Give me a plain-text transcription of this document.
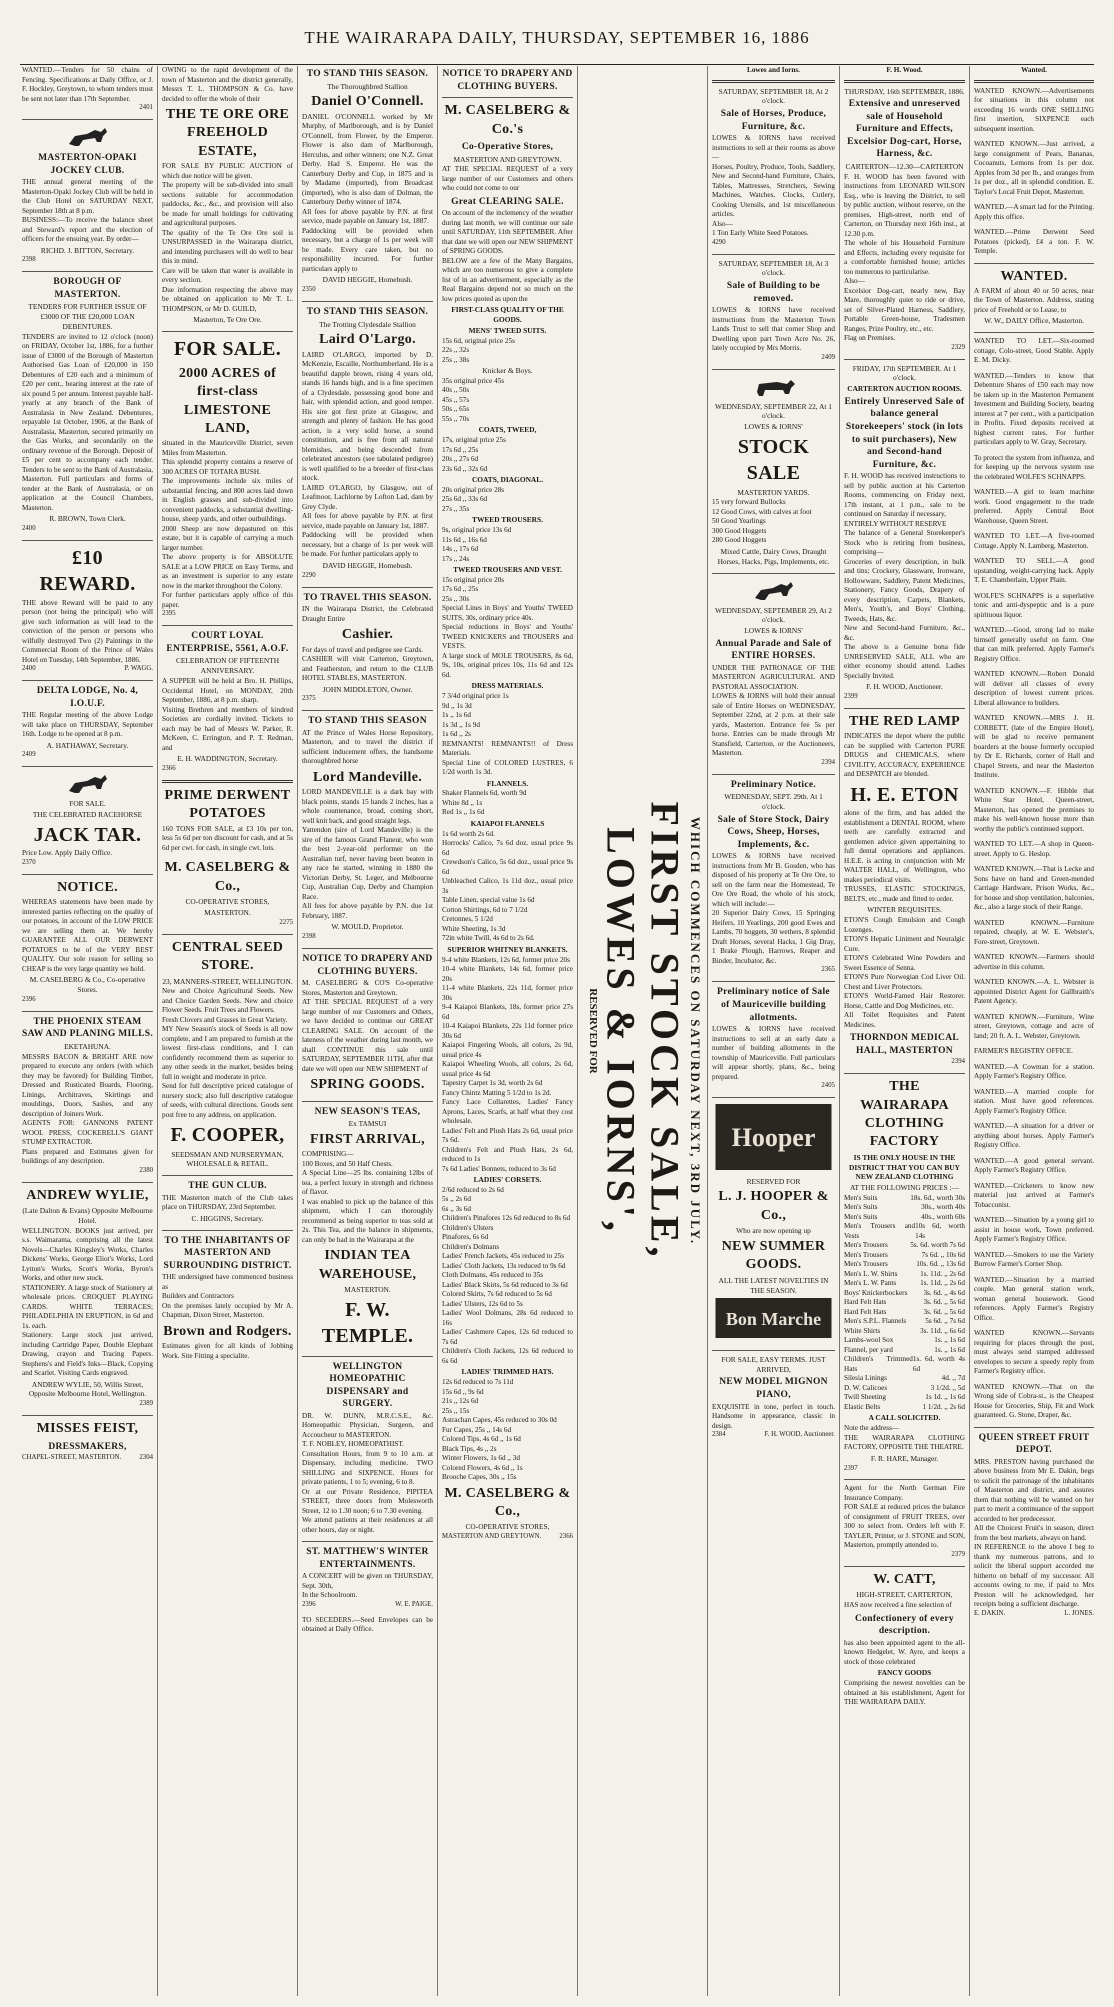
THE WAIRARAPA DAILY, THURSDAY, SEPTEMBER 16, 1886
WANTED.—Tenders for 50 chains of Fencing. Specifications at Daily Office, or J. F. Hockley, Greytown, to whom tenders must be sent not later than 17th September.
2401
MASTERTON-OPAKI JOCKEY CLUB.
THE annual general meeting of the Masterton-Opaki Jockey Club will be held in the Club Hotel on SATURDAY NEXT, September 18th at 8 p.m.
BUSINESS:—To receive the balance sheet and Steward's report and the election of officers for the ensuing year. By order—
RICHD. J. BITTON, Secretary.
2398
BOROUGH OF MASTERTON.
TENDERS FOR FURTHER ISSUE OF £3000 OF THE £20,000 LOAN DEBENTURES.
TENDERS are invited to 12 o'clock (noon) on FRIDAY, October 1st, 1886, for a further issue of £3000 of the Borough of Masterton Authorised Gas Loan of £20,000 in 150 Debentures of £20 each and a minimum of £20 per cent., bearing interest at the rate of six pound 5 per annum. Interest payable half-yearly at any branch of the Bank of Australasia in New Zealand. Debentures, repayable 1st October, 1906, at the Bank of Australasia, Masterton, secured primarily on the Gas Works, and secondarily on the ordinary revenue of the Borough. Deposit of £5 per cent to accompany each tender. Tenders to be sent to the Bank of Australasia, Masterton. Full particulars and forms of tender at the Bank of Australasia, or on application at the Council Chambers, Masterton.
R. BROWN, Town Clerk.
2400
£10 REWARD.
THE above Reward will be paid to any person (not being the principal) who will give such information as will lead to the conviction of the person or persons who wilfully destroyed Two (2) Paintings in the Commercial Room of the Prince of Wales Hotel on Tuesday, 14th September, 1886.
2400	P. WAGG.
DELTA LODGE, No. 4, I.O.U.F.
THE Regular meeting of the above Lodge will take place on THURSDAY, September 16th. Lodge to be opened at 8 p.m.
A. HATHAWAY, Secretary.
2409
FOR SALE.
THE CELEBRATED RACEHORSE
JACK TAR.
Price Low. Apply Daily Office.
2370
NOTICE.
WHEREAS statements have been made by interested parties reflecting on the quality of our potatoes, in account of the LOW PRICE we are selling them at. We hereby GUARANTEE ALL OUR DERWENT POTATOES to be of the VERY BEST QUALITY. Our sole reason for selling so CHEAP is the very large quantity we hold.
M. CASELBERG & Co., Co-operative Stores.
2396
THE PHOENIX STEAM SAW AND PLANING MILLS.
EKETAHUNA.
MESSRS BACON & BRIGHT ARE now prepared to execute any orders (with which they may be favored) for Building Timber, Dressed and Rusticated Boards, Flooring, Linings, Architraves, Skirtings and mouldings, Doors, Sashes, and any description of Joiners Work.
AGENTS FOR: GANNONS PATENT WOOL PRESS, COCKERELL'S GIANT STUMP EXTRACTOR.
Plans prepared and Estimates given for buildings of any description.
2380
ANDREW WYLIE,
(Late Dalton & Evans) Opposite Melbourne Hotel.
WELLINGTON. BOOKS just arrived, per s.s. Waimarama, comprising all the latest Novels—Charles Kingsley's Works, Charles Dickens' Works, George Eliot's Works, Lord Lytton's Works, Scott's Works, Byron's Works, and other new stock.
STATIONERY. A large stock of Stationery at wholesale prices. CROQUET PLAYING CARDS. WHITE TERRACES; PHILADELPHIA IN ERUPTION, in 6d and 1s. each.
Stationery. Large stock just arrived, including Cartridge Paper, Double Elephant Drawing, crayon and Tracing Papers. Stephens's and Field's Inks—Black, Copying and Scarlet. Visiting Cards engraved.
ANDREW WYLIE, 50, Willis Street, Opposite Melbourne Hotel, Wellington.
2389
MISSES FEIST,
DRESSMAKERS,
CHAPEL-STREET, MASTERTON.	2304
OWING to the rapid development of the town of Masterton and the district generally, Messrs T. L. THOMPSON & Co. have decided to offer the whole of their
THE TE ORE ORE FREEHOLD ESTATE,
FOR SALE BY PUBLIC AUCTION of which due notice will be given.
The property will be sub-divided into small sections suitable for accommodation paddocks, &c., &c., and provision will also be made for small holdings for cultivating and agricultural purposes.
The quality of the Te Ore Ore soil is UNSURPASSED in the Wairarapa district, and intending purchasers will do well to bear this in mind.
Care will be taken that water is available in every section.
Due information respecting the above may be obtained on application to Mr T. L. THOMPSON, or Mr D. GUILD,
Masterton, Te Ore Ore.
FOR SALE.
2000 ACRES of first-class LIMESTONE LAND,
situated in the Mauriceville District, seven Miles from Masterton.
This splendid property contains a reserve of 300 ACRES OF TOTARA BUSH.
The improvements include six miles of substantial fencing, and 800 acres laid down in English grasses and sub-divided into convenient paddocks, a substantial dwelling-house, sheep yards, and other outbuildings.
2000 Sheep are now depastured on this estate, but it is capable of carrying a much larger number.
The above property is for ABSOLUTE SALE at a LOW PRICE on Easy Terms, and as an investment is superior to any estate now in the market throughout the Colony.
For further particulars apply office of this paper.
2395
COURT LOYAL ENTERPRISE, 5561, A.O.F.
CELEBRATION OF FIFTEENTH ANNIVERSARY.
A SUPPER will be held at Bro. H. Phillips, Occidental Hotel, on MONDAY, 20th September, 1886, at 8 p.m. sharp.
Visiting Brethren and members of kindred Societies are cordially invited. Tickets to each may be had of Messrs W. Parker, R. McKeen, C. Errington, and P. T. Redman, and
E. H. WADDINGTON, Secretary.
2366
PRIME DERWENT POTATOES
160 TONS FOR SALE, at £3 10s per ton, less 5s 6d per ton discount for cash, and at 5s 6d per cwt. for cash, in single cwt. lots.
M. CASELBERG & Co.,
CO-OPERATIVE STORES,
MASTERTON.
2275
CENTRAL SEED STORE.
23, MANNERS-STREET, WELLINGTON.
New and Choice Agricultural Seeds. New and Choice Garden Seeds. New and choice Flower Seeds. Fruit Trees and Flowers.
Fresh Clovers and Grasses in Great Variety.
MY New Season's stock of Seeds is all now complete, and I am prepared to furnish at the lowest first-class conditions, and I can confidently recommend them as superior to any other seeds in the market, besides being full in weight and moderate in price.
Send for full descriptive priced catalogue of nursery stock; also full descriptive catalogue of seeds, with cultural directions. Goods sent post free to any address, on application.
F. COOPER,
SEEDSMAN AND NURSERYMAN, WHOLESALE & RETAIL.
THE GUN CLUB.
THE Masterton match of the Club takes place on THURSDAY, 23rd September.
C. HIGGINS, Secretary.
TO THE INHABITANTS OF MASTERTON AND SURROUNDING DISTRICT.
THE undersigned have commenced business as
Builders and Contractors
On the premises lately occupied by Mr A. Chapman, Dixon Street, Masterton.
Brown and Rodgers.
Estimates given for all kinds of Jobbing Work. Site Fitting a specialite.
TO STAND THIS SEASON.
The Thoroughbred Stallion
Daniel O'Connell.
DANIEL O'CONNELL worked by Mr Murphy, of Marlborough, and is by Daniel O'Connell, from Flower, by the Emperor. Flower is also dam of Marlborough, Herculus, and other winners; one N.Z. Great Derby. Had S. Emperor. He was the Canterbury Derby and Cup, in 1875 and is by Madame (imported), from Broadcast (imported), who is also dam of Dolman, the Canterbury Derby winner of 1874.
All fees for above payable by P.N. at first service, made payable on January 1st, 1887.
Paddocking will be provided when necessary, but a charge of 1s per week will be made. Every care taken, but no responsibility incurred. For further particulars apply to
DAVID HEGGIE, Homebush.
2350
TO STAND THIS SEASON.
The Trotting Clydesdale Stallion
Laird O'Largo.
LAIRD O'LARGO, imported by D. McKenzie, Escaille, Northumberland. He is a beautiful dapple brown, rising 4 years old, stands 16 hands high, and is a fine specimen of a Clydesdale, possessing good bone and hair, with splendid action, and good temper. His sire got first prize at Glasgow, and strength and plenty of fashion. He has good action, is a very solid horse, a sound constitution, and is free from all natural blemishes, and being descended from celebrated ancestors (see tabulated pedigree) is well qualified to be a breeder of first-class stock.
LAIRD O'LARGO, by Glasgow, out of Leafmoor, Lachlorne by Lofton Lad, dam by Grey Clyde.
All fees for above payable by P.N. at first service, made payable on January 1st, 1887.
Paddocking will be provided when necessary, but a charge of 1s per week will be made. For further particulars apply to
DAVID HEGGIE, Homebush.
2290
TO TRAVEL THIS SEASON.
IN the Wairarapa District, the Celebrated Draught Entire
Cashier.
For days of travel and pedigree see Cards.
CASHIER will visit Carterton, Greytown, and Featherston, and return to the CLUB HOTEL STABLES, MASTERTON.
JOHN MIDDLETON, Owner.
2375
TO STAND THIS SEASON
AT the Prince of Wales Horse Repository, Masterton, and to travel the district if sufficient inducement offers, the handsome thoroughbred horse
Lord Mandeville.
LORD MANDEVILLE is a dark bay with black points, stands 15 hands 2 inches, has a whole countenance, broad, coming short, well knit back, and good straight legs.
Yattendon (sire of Lord Mandeville) is the sire of the famous Grand Flaneur, who won the best 2-year-old performer on the Australian turf, never having been beaten in any race he started, winning in 1880 the Victorian Derby, St. Leger, and Melbourne Cup, Australian Cup, Derby and Champion Race.
All fees for above payable by P.N. due 1st February, 1887.
W. MOULD, Proprietor.
2398
NOTICE TO DRAPERY AND CLOTHING BUYERS.
M. CASELBERG & CO'S Co-operative Stores, Masterton and Greytown.
AT THE SPECIAL REQUEST of a very large number of our Customers and Others, we have decided to continue our GREAT CLEARING SALE. On account of the lateness of the weather during last month, we shall CONTINUE this sale until SATURDAY, SEPTEMBER 11TH, after that date we will open our NEW SHIPMENT of
SPRING GOODS.
NEW SEASON'S TEAS,
Ex TAMSUI
FIRST ARRIVAL,
COMPRISING—
100 Boxes, and 50 Half Chests.
A Special Line—25 lbs. containing 12lbs of tea, a perfect luxury in strength and richness of flavor.
I was enabled to pick up the balance of this shipment, which I can thoroughly recommend as being superior to teas sold at 2s. This Tea, and the balance in shipments, can only be had in the Wairarapa at the
INDIAN TEA WAREHOUSE,
MASTERTON.
F. W. TEMPLE.
WELLINGTON HOMEOPATHIC DISPENSARY and SURGERY.
DR. W. DUNN, M.R.C.S.E., &c. Homeopathic Physician, Surgeon, and Accoucheur to MASTERTON.
T. F. NOBLEY, HOMEOPATHIST.
Consultation Hours, from 9 to 10 a.m. at Dispensary, including medicine. TWO SHILLING and SIXPENCE. Hours for private patients, 1 to 5; evening, 6 to 8.
Or at our Private Residence, PIPITEA STREET, three doors from Molesworth Street, 12 to 1.30 noon; 6 to 7.30 evening.
We attend patients at their residences at all other hours, day or night.
ST. MATTHEW'S WINTER ENTERTAINMENTS.
A CONCERT will be given on THURSDAY, Sept. 30th,
In the Schoolroom.
2396	W. E. PAIGE.
TO SECEDERS.—Seed Envelopes can be obtained at Daily Office.
NOTICE TO DRAPERY AND CLOTHING BUYERS.
M. CASELBERG & Co.'s
Co-Operative Stores,
MASTERTON AND GREYTOWN.
AT THE SPECIAL REQUEST of a very large number of our Customers and others who could not come to our
Great CLEARING SALE.
On account of the inclemency of the weather during last month, we will continue our sale until SATURDAY, 11th SEPTEMBER. After that date we will open our NEW SHIPMENT of SPRING GOODS.
BELOW are a few of the Many Bargains, which are too numerous to give a complete list of in an advertisement, especially as the Real Bargains depend not so much on the low prices quoted as upon the
FIRST-CLASS QUALITY OF THE GOODS.
MENS' TWEED SUITS.
15s 6d, original price 25s
22s ,, 32s
25s ,, 38s
Knicker & Boys.
35s original price 45s
40s ,, 50s
45s ,, 57s
50s ,, 65s
55s ,, 70s
COATS, TWEED,
17s, original price 25s
17s 6d ,, 25s
20s ,, 27s 6d
23s 6d ,, 32s 6d
COATS, DIAGONAL.
20s original price 28s
25s 6d ,, 33s 6d
27s ,, 35s
TWEED TROUSERS.
9s, original price 13s 6d
11s 6d ,, 16s 6d
14s ,, 17s 6d
17s ,, 24s
TWEED TROUSERS AND VEST.
15s original price 20s
17s 6d ,, 25s
25s ,, 30s
Special Lines in Boys' and Youths' TWEED SUITS, 30s, ordinary price 40s.
Special reductions in Boys' and Youths' TWEED KNICKERS and TROUSERS and VESTS.
A large stock of MOLE TROUSERS, 8s 6d, 9s, 10s, original prices 10s, 11s 6d and 12s 6d.
DRESS MATERIALS.
7 3/4d original price 1s
9d ,, 1s 3d
1s ,, 1s 6d
1s 3d ,, 1s 9d
1s 6d ,, 2s
REMNANTS! REMNANTS!! of Dress Materials.
Special Line of COLORED LUSTRES, 6 1/2d worth 1s 3d.
FLANNELS.
Shaker Flannels 6d, worth 9d
White 8d ,, 1s
Red 1s ,, 1s 6d
KAIAPOI FLANNELS
1s 6d worth 2s 6d.
Horrocks' Calico, 7s 6d doz. usual price 9s 6d
Crewdson's Calico, 5s 6d doz., usual price 9s 6d
Unbleached Calico, 1s 11d doz., usual price 3s
Table Linen, special value 1s 6d
Cotton Shirtings, 6d to 7 1/2d
Cretonnes, 5 1/2d
White Sheeting, 1s 3d
72in white Twill, 4s 6d to 2s 6d.
SUPERIOR WHITNEY BLANKETS.
9-4 white Blankets, 12s 6d, former price 20s
10-4 white Blankets, 14s 6d, former price 20s
11-4 white Blankets, 22s 11d, former price 30s
9-4 Kaiapoi Blankets, 18s, former price 27s 6d
10-4 Kaiapoi Blankets, 22s 11d former price 30s 6d
Kaiapoi Fingering Wools, all colors, 2s 9d, usual price 4s
Kaiapoi Wheeling Wools, all colors, 2s 6d, usual price 4s 6d
Tapestry Carpet 1s 3d, worth 2s 6d
Fancy Chintz Matting 5 1/2d to 1s 2d.
Fancy Lace Collarettes, Ladies' Fancy Aprons, Laces, Scarfs, at half what they cost wholesale.
Ladies' Felt and Plush Hats 2s 6d, usual price 7s 6d.
Children's Felt and Plush Hats, 2s 6d, reduced to 1s
7s 6d Ladies' Bonnets, reduced to 3s 6d
LADIES' CORSETS.
2/6d reduced to 2s 6d
5s ,, 2s 6d
6s ,, 3s 6d
Children's Pinafores 12s 6d reduced to 8s 6d
Children's Ulsters
Pinafores, 6s 6d
Children's Dolmans
Ladies' French Jackets, 45s reduced to 25s
Ladies' Cloth Jackets, 13s reduced to 9s 6d
Cloth Dolmans, 45s reduced to 35s
Ladies' Black Skirts, 5s 6d reduced to 3s 6d
Colored Skirts, 7s 6d reduced to 5s 6d
Ladies' Ulsters, 12s 6d to 5s
Ladies' Wool Dolmans, 28s 6d reduced to 16s
Ladies' Cashmere Capes, 12s 6d reduced to 7s 6d
Children's Cloth Jackets, 12s 6d reduced to 6s 6d
LADIES' TRIMMED HATS.
12s 6d reduced to 7s 11d
15s 6d ,, 9s 6d
21s ,, 12s 6d
25s ,, 15s
Astrachan Capes, 45s reduced to 30s 0d
Fur Capes, 25s ,, 14s 6d
Colored Tips, 4s 6d ,, 1s 6d
Black Tips, 4s ,, 2s
Winter Flowers, 1s 6d ,, 3d
Colored Flowers, 4s 6d ,, 1s
Brooche Capes, 30s ,, 15s
M. CASELBERG & Co.,
CO-OPERATIVE STORES,
MASTERTON AND GREYTOWN.	2366
RESERVED FOR LOWES & IORNS', FIRST STOCK SALE, WHICH COMMENCES ON SATURDAY NEXT, 3RD JULY.
Lowes and Iorns.
SATURDAY, SEPTEMBER 18, At 2 o'clock.
Sale of Horses, Produce, Furniture, &c.
LOWES & IORNS have received instructions to sell at their rooms as above—
Horses, Poultry, Produce, Tools, Saddlery, New and Second-hand Furniture, Chairs, Tables, Mattresses, Stretchers, Sewing Machines, Watches, Clocks, Cutlery, Cooking Utensils, and 1st miscellaneous articles.
Also—
1 Ton Early White Seed Potatoes.
4290
SATURDAY, SEPTEMBER 18, At 3 o'clock.
Sale of Building to be removed.
LOWES & IORNS have received instructions from the Masterton Town Lands Trust to sell that corner Shop and Dwelling upon part Town Acre No. 26, lately occupied by Mrs Morris.
2409
WEDNESDAY, SEPTEMBER 22, At 1 o'clock.
LOWES & IORNS'
STOCK SALE
MASTERTON YARDS.
15 very forward Bullocks
12 Good Cows, with calves at foot
50 Good Yearlings
300 Good Hoggets
280 Good Hoggets
Mixed Cattle, Dairy Cows, Draught Horses, Hacks, Pigs, Implements, etc.
WEDNESDAY, SEPTEMBER 29, At 2 o'clock.
LOWES & IORNS'
Annual Parade and Sale of ENTIRE HORSES.
UNDER THE PATRONAGE OF THE MASTERTON AGRICULTURAL AND PASTORAL ASSOCIATION.
LOWES & IORNS will hold their annual sale of Entire Horses on WEDNESDAY, September 22nd, at 2 p.m. at their sale yards, Masterton. Entrance fee 5s per horse. Entries can be made through Mr Stansfield, Carterton, or the Auctioneers, Masterton.
2394
Preliminary Notice.
WEDNESDAY, SEPT. 29th. At 1 o'clock.
Sale of Store Stock, Dairy Cows, Sheep, Horses, Implements, &c.
LOWES & IORNS have received instructions from Mr B. Gosden, who has disposed of his property at Te Ore Ore, to sell on the farm near the Homestead, Te Ore Ore Road, the whole of his stock, which will include:—
20 Superior Dairy Cows, 15 Springing Heifers, 10 Yearlings, 200 good Ewes and Lambs, 70 hoggets, 30 wethers, 8 splendid Draft Horses, several Hacks, 1 Gig Dray, 1 Brake Plough, Harrows, Reaper and Binder, Incubator, &c.
2365
Preliminary notice of Sale of Mauriceville building allotments.
LOWES & IORNS have received instructions to sell at an early date a number of building allotments in the township of Mauriceville. Full particulars will appear shortly, plans, &c., being prepared.
2405
Hooper
RESERVED FOR
L. J. HOOPER & Co.,
Who are now opening up
NEW SUMMER GOODS.
ALL THE LATEST NOVELTIES IN THE SEASON.
Bon Marche
FOR SALE, EASY TERMS. JUST ARRIVED,
NEW MODEL MIGNON PIANO,
EXQUISITE in tone, perfect in touch. Handsome in appearance, classic in design.
2384	F. H. WOOD, Auctioneer.
F. H. Wood.
THURSDAY, 16th SEPTEMBER, 1886.
Extensive and unreserved sale of Household Furniture and Effects, Excelsior Dog-cart, Horse, Harness, &c.
CARTERTON—12.30—CARTERTON
F. H. WOOD has been favored with instructions from LEONARD WILSON Esq., who is leaving the District, to sell by public auction, without reserve, on the premises, High-street, north end of Carterton, on Thursday next 16th inst., at 12.30 p.m.
The whole of his Household Furniture and Effects, including every requisite for a comfortable furnished house; articles too numerous to particularise.
Also—
Excelsior Dog-cart, nearly new, Bay Mare, thoroughly quiet to ride or drive, set of Silver-Plated Harness, Saddlery, Portable Green-house, Tradesmen Ranges, Prize Poultry, etc., etc.
Flag on Premises.
2329
FRIDAY, 17th SEPTEMBER. At 1 o'clock.
CARTERTON AUCTION ROOMS.
Entirely Unreserved Sale of balance general Storekeepers' stock (in lots to suit purchasers), New and Second-hand Furniture, &c.
F. H. WOOD has received instructions to sell by public auction at his Carterton Rooms, commencing on Friday next, 17th instant, at 1 p.m., sale to be continued on Saturday if necessary,
ENTIRELY WITHOUT RESERVE
The balance of a General Storekeeper's Stock who is retiring from business, comprising—
Groceries of every description, in bulk and tins; Crockery, Glassware, Ironware, Hollowware, Saddlery, Patent Medicines, Stationery, Fancy Goods, Drapery of every description, Carpets, Blankets, Men's, Youth's, and Boys' Clothing, Tweeds, Hats, &c.
New and Second-hand Furniture, &c., &c.
The above is a Genuine bona fide UNRESERVED SALE, ALL who are either economy should attend. Ladies Specially Invited.
F. H. WOOD, Auctioneer.
2399
THE RED LAMP
INDICATES the depot where the public can be supplied with Carterton PURE DRUGS and CHEMICALS, where CIVILITY, ACCURACY, EXPERIENCE and DESPATCH are blended.
H. E. ETON
alone of the firm, and has added the establishment a DENTAL ROOM, where teeth are carefully extracted and gentlemen advice given appertaining to full dental operations and appliances. H.E.E. is acting in conjunction with Mr WALTER HALL, of Wellington, who makes periodical visits.
TRUSSES, ELASTIC STOCKINGS, BELTS, etc., made and fitted to order.
WINTER REQUISITES.
ETON'S Cough Emulsion and Cough Lozenges.
ETON'S Hepatic Liniment and Neuralgic Cure.
ETON'S Celebrated Wine Powders and Sweet Essence of Senna.
ETON'S Pure Norwegian Cod Liver Oil. Chest and Liver Protectors.
ETON'S World-Famed Hair Restorer. Horse, Cattle and Dog Medicines, etc.
All Toilet Requisites and Patent Medicines.
THORNDON MEDICAL HALL, MASTERTON
2394
THE WAIRARAPA CLOTHING FACTORY
IS THE ONLY HOUSE IN THE DISTRICT THAT YOU CAN BUY NEW ZEALAND CLOTHING
AT THE FOLLOWING PRICES :—
Men's Suits	18s. 6d., worth 30s
Men's Suits	30s., worth 40s
Men's Suits	40s., worth 60s
Men's Trousers and Vests
10s 6d, worth 14s
Men's Trousers	5s. 6d. worth 7s 6d
Men's Trousers	7s 6d. ,, 10s 6d
Men's Trousers	10s. 6d. ,, 13s 6d
Men's L. W. Shirts	1s. 11d. ,, 2s 6d
Men's L. W. Pants	1s. 11d. ,, 2s 6d
Boys' Knickerbockers 3s. 6d. ,, 4s 6d
Hard Felt Hats	3s. 6d. ,, 5s 6d
Hard Felt Hats	3s. 6d. ,, 5s 6d
Men's S.P.L. Flannels	5s 6d. ,, 7s 6d
White Shirts	3s. 11d. ,, 6s 6d
Lambs-wool Sox	1s. ,, 1s 6d
Flannel, per yard	1s. ,, 1s 6d
Children's Trimmed Hats
1s. 6d, worth 4s 6d
Silesia Linings	4d. ,, 7d
D. W. Calicoes	3 1/2d. ,, 5d
Twill Sheeting	1s 1d. ,, 1s 6d
Elastic Belts	1 1/2d. ,, 2s 6d
A CALL SOLICITED.
Note the address—
THE WAIRARAPA CLOTHING FACTORY, OPPOSITE THE THEATRE.
F. R. HARE, Manager.
2397
Agent for the North German Fire Insurance Company.
FOR SALE at reduced prices the balance of consignment of FRUIT TREES, over 300 to select from. Orders left with F. TAYLER, Printer, or J. STONE and SON, Masterton, promptly attended to.
2379
W. CATT,
HIGH-STREET, CARTERTON,
HAS now received a fine selection of
Confectionery of every description.
has also been appointed agent to the all-known Hedgelet, W. Ayre, and keeps a stock of those celebrated
FANCY GOODS
Comprising the newest novelties can be obtained at his establishment, Agent for THE WAIRARAPA DAILY.
Wanted.
WANTED KNOWN.—Advertisements for situations in this column not exceeding 16 words ONE SHILLING first insertion, SIXPENCE each subsequent insertion.
WANTED KNOWN.—Just arrived, a large consignment of Pears, Bananas, Cocoanuts, Lemons from 1s per doz. Apples from 3d per lb., and oranges from 1s per doz., all in splendid condition. E. Taylor's Local Fruit Depot, Masterton.
WANTED.—A smart lad for the Printing. Apply this office.
WANTED.—Prime Derwent Seed Potatoes (picked), £4 a ton. F. W. Temple.
WANTED.
A FARM of about 40 or 50 acres, near the Town of Masterton. Address, stating price of Freehold or to Lease, to
W. W., DAILY Office, Masterton.
WANTED TO LET.—Six-roomed cottage, Colo-street, Good Stable. Apply E. M. Dicky.
WANTED.—Tenders to know that Debenture Shares of £50 each may now be taken up in the Masterton Permanent Investment and Building Society, bearing interest at 7 per cent., with a participation in Profits. Fixed deposits received at highest current rates. For further particulars apply to W. Gray, Secretary.
To protect the system from influenza, and for keeping up the nervous system use the celebrated WOLFE'S SCHNAPPS.
WANTED.—A girl to learn machine work. Good engagement to the trade preferred. Apply Central Boot Warehouse, Queen Street.
WANTED TO LET.—A five-roomed Cottage. Apply N. Lamberg, Masterton.
WANTED TO SELL.—A good upstanding, weight-carrying hack. Apply T. E. Chamberlain, Upper Plain.
WOLFE'S SCHNAPPS is a superlative tonic and anti-dyspeptic and is a pure spirituous liquor.
WANTED.—Good, strong lad to make himself generally useful on farm. One that can milk preferred. Apply Farmer's Registry Office.
WANTED KNOWN.—Robert Donald will deliver all classes of every description of lowest current prices. Liberal allowance to builders.
WANTED KNOWN.—MRS J. H. CORBETT, (late of the Empire Hotel), will be glad to receive permanent boarders at the house formerly occupied by Dr E. Richards, corner of Hall and Chapel Streets, and near the Masterton Institute.
WANTED KNOWN.—F. Hibble that White Star Hotel, Queen-street, Masterton, has opened the premises to make his well-known house more than worthy the public's continued support.
WANTED TO LET.—A shop in Queen-street. Apply to G. Heslop.
WANTED KNOWN.—That is Lecke and Sons have on hand and Green-mended Carriage Hardware, Prison Works, &c., for house and shop ventilation, balconies, &c., also a large stock of their Range.
WANTED KNOWN.—Furniture repaired, cheaply, at W. E. Webster's, Fore-street, Greytown.
WANTED KNOWN.—Farmers should advertise in this column.
WANTED KNOWN.—A. L. Webster is appointed District Agent for Gallbraith's Patent Agency.
WANTED KNOWN.—Furniture, Wine street, Greytown, cottage and acre of land; 20 ft. A. L. Webster, Greytown.
FARMER'S REGISTRY OFFICE.
WANTED.—A Cowman for a station. Apply Farmer's Registry Office.
WANTED.—A married couple for station. Must have good references. Apply Farmer's Registry Office.
WANTED.—A situation for a driver or anything about horses. Apply Farmer's Registry Office.
WANTED.—A good general servant. Apply Farmer's Registry Office.
WANTED.—Cricketers to know new material just arrived at Farmer's Tobacconist.
WANTED.—Situation by a young girl to assist in house work, Town preferred. Apply Farmer's Registry Office.
WANTED.—Smokers to use the Variety Burrow Farmer's Corner Shop.
WANTED.—Situation by a married couple. Man general station work, woman general housework. Good references. Apply Farmer's Registry Office.
WANTED KNOWN.—Servants requiring for places through the post, must always send stamped addressed envelopes to secure a speedy reply from Farmer's Registry office.
WANTED KNOWN.—That on the Wrong side of Cobra-st., is the Cheapest House for Groceries, Ship, Fit and Work guaranteed. G. Stone, Draper, &c.
QUEEN STREET FRUIT DEPOT.
MRS. PRESTON having purchased the above business from Mr E. Dakin, begs to solicit the patronage of the inhabitants of Masterton and district, and assures them that nothing will be wanted on her part to merit a continuance of the support accorded to her predecessor.
All the Choicest Fruit's in season, direct from the best markets, always on hand.
IN REFERENCE to the above I beg to thank my numerous patrons, and to solicit the liberal support accorded me hitherto on behalf of my successor. All accounts owing to me, if paid to Mrs Preston will be acknowledged, her receipts being a sufficient discharge.
E. DAKIN.	L. JONES.
